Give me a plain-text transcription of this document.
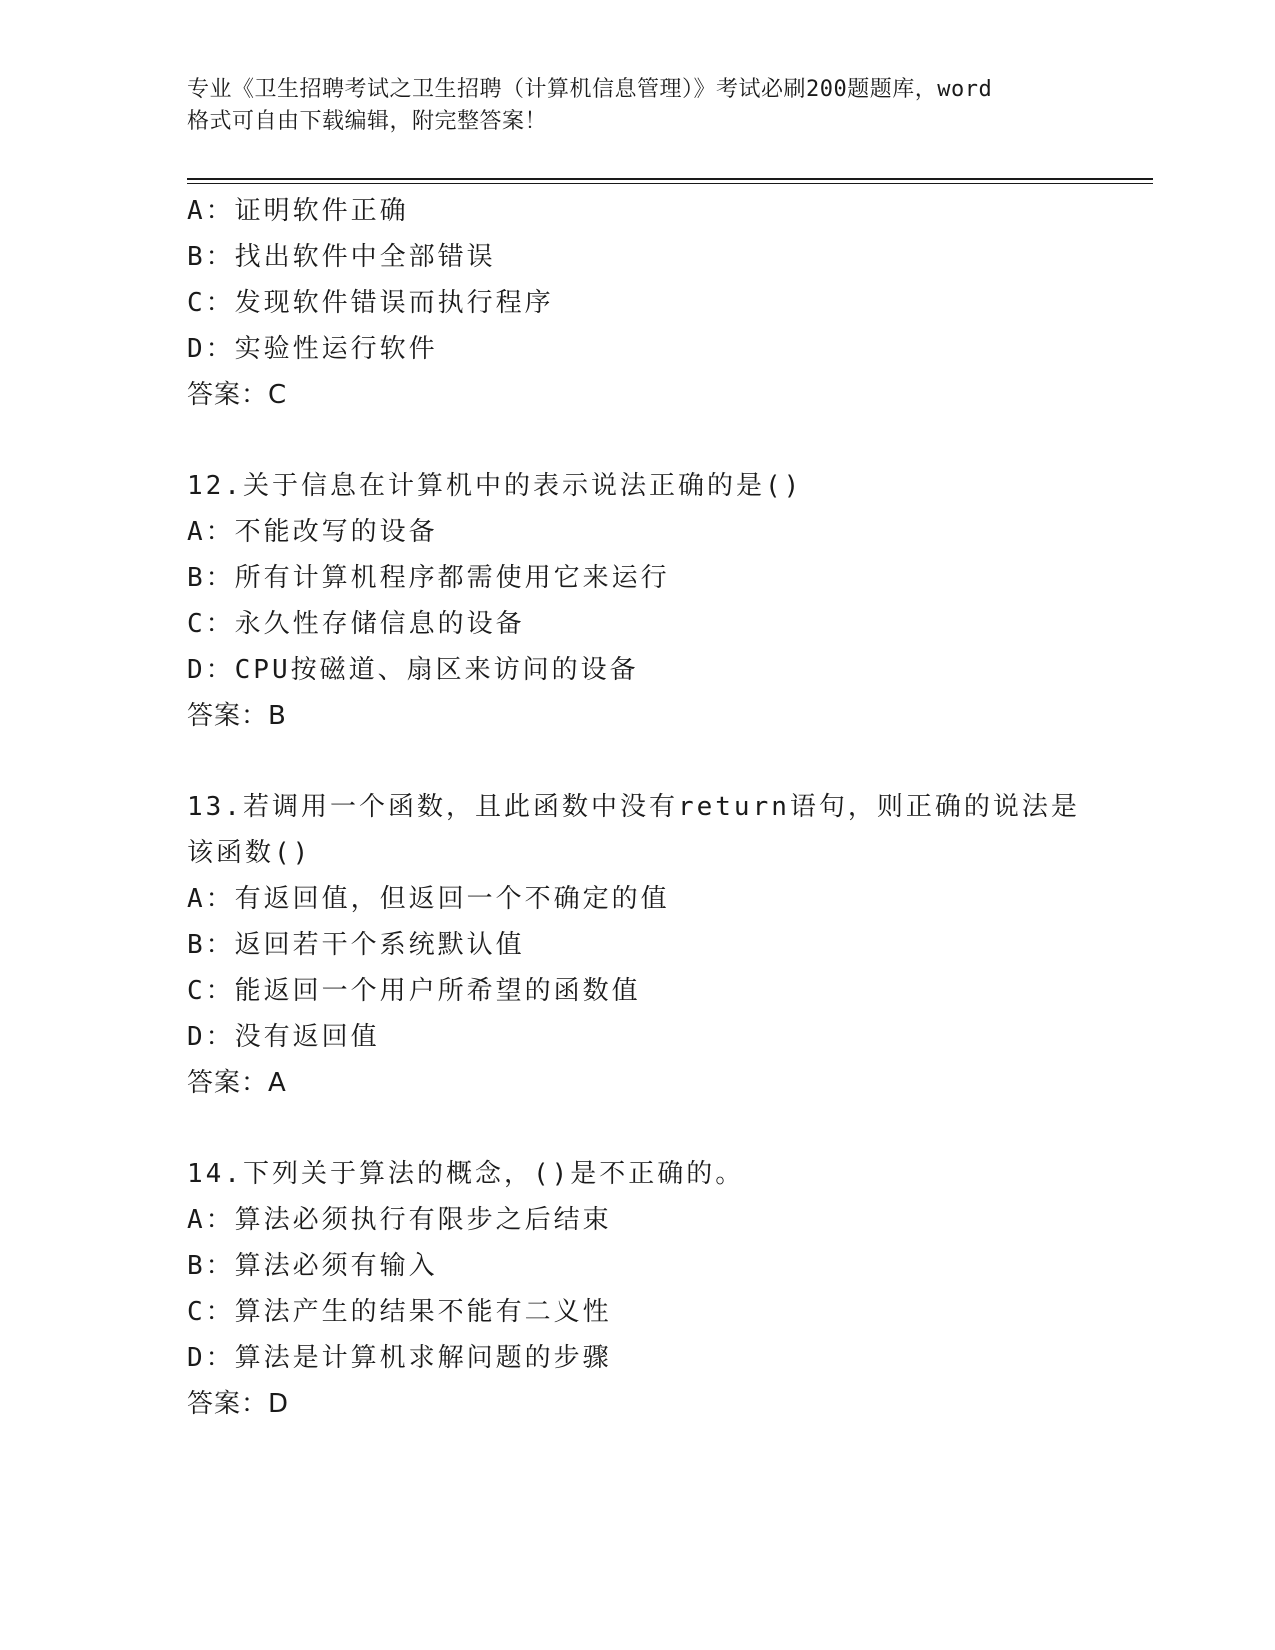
专业《卫生招聘考试之卫生招聘（计算机信息管理）》考试必刷200题题库，word
格式可自由下载编辑，附完整答案！
A：证明软件正确
B：找出软件中全部错误
C：发现软件错误而执行程序
D：实验性运行软件
答案：C
12.关于信息在计算机中的表示说法正确的是()
A：不能改写的设备
B：所有计算机程序都需使用它来运行
C：永久性存储信息的设备
D：CPU按磁道、扇区来访问的设备
答案：B
13.若调用一个函数，且此函数中没有return语句，则正确的说法是
该函数()
A：有返回值，但返回一个不确定的值
B：返回若干个系统默认值
C：能返回一个用户所希望的函数值
D：没有返回值
答案：A
14.下列关于算法的概念，()是不正确的。
A：算法必须执行有限步之后结束
B：算法必须有输入
C：算法产生的结果不能有二义性
D：算法是计算机求解问题的步骤
答案：D
